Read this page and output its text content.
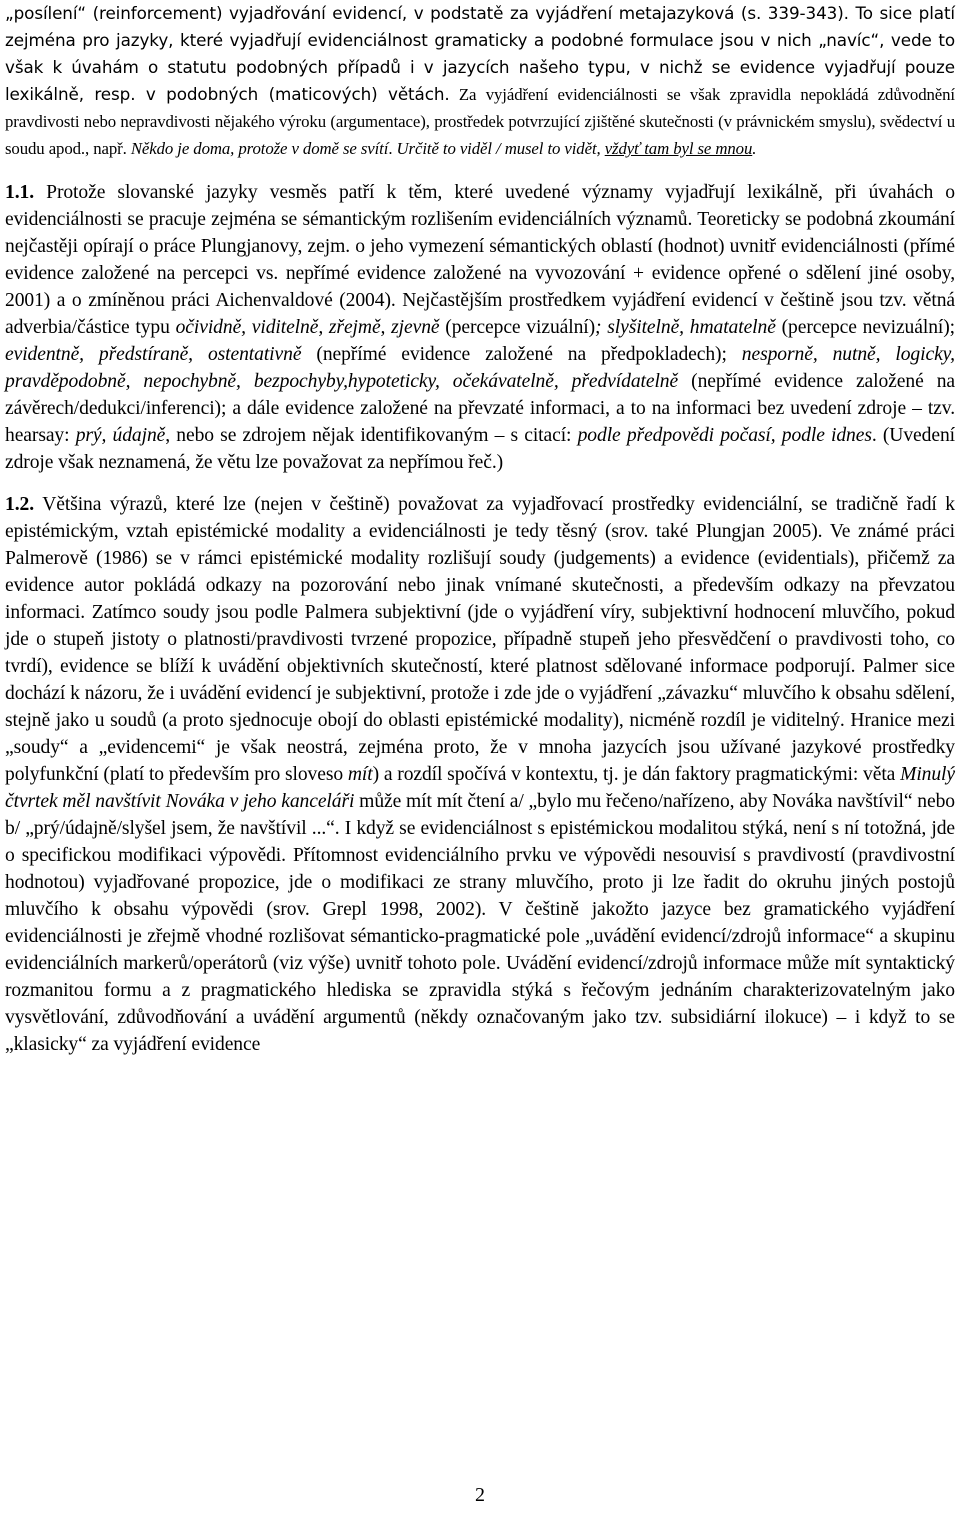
„posílení“ (reinforcement) vyjadřování evidencí, v podstatě za vyjádření metajazyková (s. 339-343). To sice platí zejména pro jazyky, které vyjadřují evidenciálnost gramaticky a podobné formulace jsou v nich „navíc“, vede to však k úvahám o statutu podobných případů i v jazycích našeho typu, v nichž se evidence vyjadřují pouze lexikálně, resp. v podobných (maticových) větách. Za vyjádření evidenciálnosti se však zpravidla nepokládá zdůvodnění pravdivosti nebo nepravdivosti nějakého výroku (argumentace), prostředek potvrzující zjištěné skutečnosti (v právnickém smyslu), svědectví u soudu apod., např. Někdo je doma, protože v domě se svítí. Určitě to viděl / musel to vidět, vždyť tam byl se mnou.

1.1. Protože slovanské jazyky vesměs patří k těm, které uvedené významy vyjadřují lexikálně, při úvahách o evidenciálnosti se pracuje zejména se sémantickým rozlišením evidenciálních významů. Teoreticky se podobná zkoumání nejčastěji opírají o práce Plungjanovy, zejm. o jeho vymezení sémantických oblastí (hodnot) uvnitř evidenciálnosti (přímé evidence založené na percepci vs. nepřímé evidence založené na vyvozování + evidence opřené o sdělení jiné osoby, 2001) a o zmíněnou práci Aichenvaldové (2004). Nejčastějším prostředkem vyjádření evidencí v češtině jsou tzv. větná adverbia/částice typu očividně, viditelně, zřejmě, zjevně (percepce vizuální); slyšitelně, hmatatelně (percepce nevizuální); evidentně, předstíraně, ostentativně (nepřímé evidence založené na předpokladech); nesporně, nutně, logicky, pravděpodobně, nepochybně, bezpochyby,hypoteticky, očekávatelně, předvídatelně (nepřímé evidence založené na závěrech/dedukci/inferenci); a dále evidence založené na převzaté informaci, a to na informaci bez uvedení zdroje – tzv. hearsay: prý, údajně, nebo se zdrojem nějak identifikovaným – s citací: podle předpovědi počasí, podle idnes. (Uvedení zdroje však neznamená, že větu lze považovat za nepřímou řeč.)

1.2. Většina výrazů, které lze (nejen v češtině) považovat za vyjadřovací prostředky evidenciální, se tradičně řadí k epistémickým, vztah epistémické modality a evidenciálnosti je tedy těsný (srov. také Plungjan 2005). Ve známé práci Palmerově (1986) se v rámci epistémické modality rozlišují soudy (judgements) a evidence (evidentials), přičemž za evidence autor pokládá odkazy na pozorování nebo jinak vnímané skutečnosti, a především odkazy na převzatou informaci. Zatímco soudy jsou podle Palmera subjektivní (jde o vyjádření víry, subjektivní hodnocení mluvčího, pokud jde o stupeň jistoty o platnosti/pravdivosti tvrzené propozice, případně stupeň jeho přesvědčení o pravdivosti toho, co tvrdí), evidence se blíží k uvádění objektivních skutečností, které platnost sdělované informace podporují. Palmer sice dochází k názoru, že i uvádění evidencí je subjektivní, protože i zde jde o vyjádření „závazku“ mluvčího k obsahu sdělení, stejně jako u soudů (a proto sjednocuje obojí do oblasti epistémické modality), nicméně rozdíl je viditelný. Hranice mezi „soudy“ a „evidencemi“ je však neostrá, zejména proto, že v mnoha jazycích jsou užívané jazykové prostředky polyfunkční (platí to především pro sloveso mít) a rozdíl spočívá v kontextu, tj. je dán faktory pragmatickými: věta Minulý čtvrtek měl navštívit Nováka v jeho kanceláři může mít mít čtení a/ „bylo mu řečeno/nařízeno, aby Nováka navštívil“ nebo b/ „prý/údajně/slyšel jsem, že navštívil ...“. I když se evidenciálnost s epistémickou modalitou stýká, není s ní totožná, jde o specifickou modifikaci výpovědi. Přítomnost evidenciálního prvku ve výpovědi nesouvisí s pravdivostí (pravdivostní hodnotou) vyjadřované propozice, jde o modifikaci ze strany mluvčího, proto ji lze řadit do okruhu jiných postojů mluvčího k obsahu výpovědi (srov. Grepl 1998, 2002). V češtině jakožto jazyce bez gramatického vyjádření evidenciálnosti je zřejmě vhodné rozlišovat sémanticko-pragmatické pole „uvádění evidencí/zdrojů informace“ a skupinu evidenciálních markerů/operátorů (viz výše) uvnitř tohoto pole. Uvádění evidencí/zdrojů informace může mít syntaktický rozmanitou formu a z pragmatického hlediska se zpravidla stýká s řečovým jednáním charakterizovatelným jako vysvětlování, zdůvodňování a uvádění argumentů (někdy označovaným jako tzv. subsidiární ilokuce) – i když to se „klasicky“ za vyjádření evidence

2
